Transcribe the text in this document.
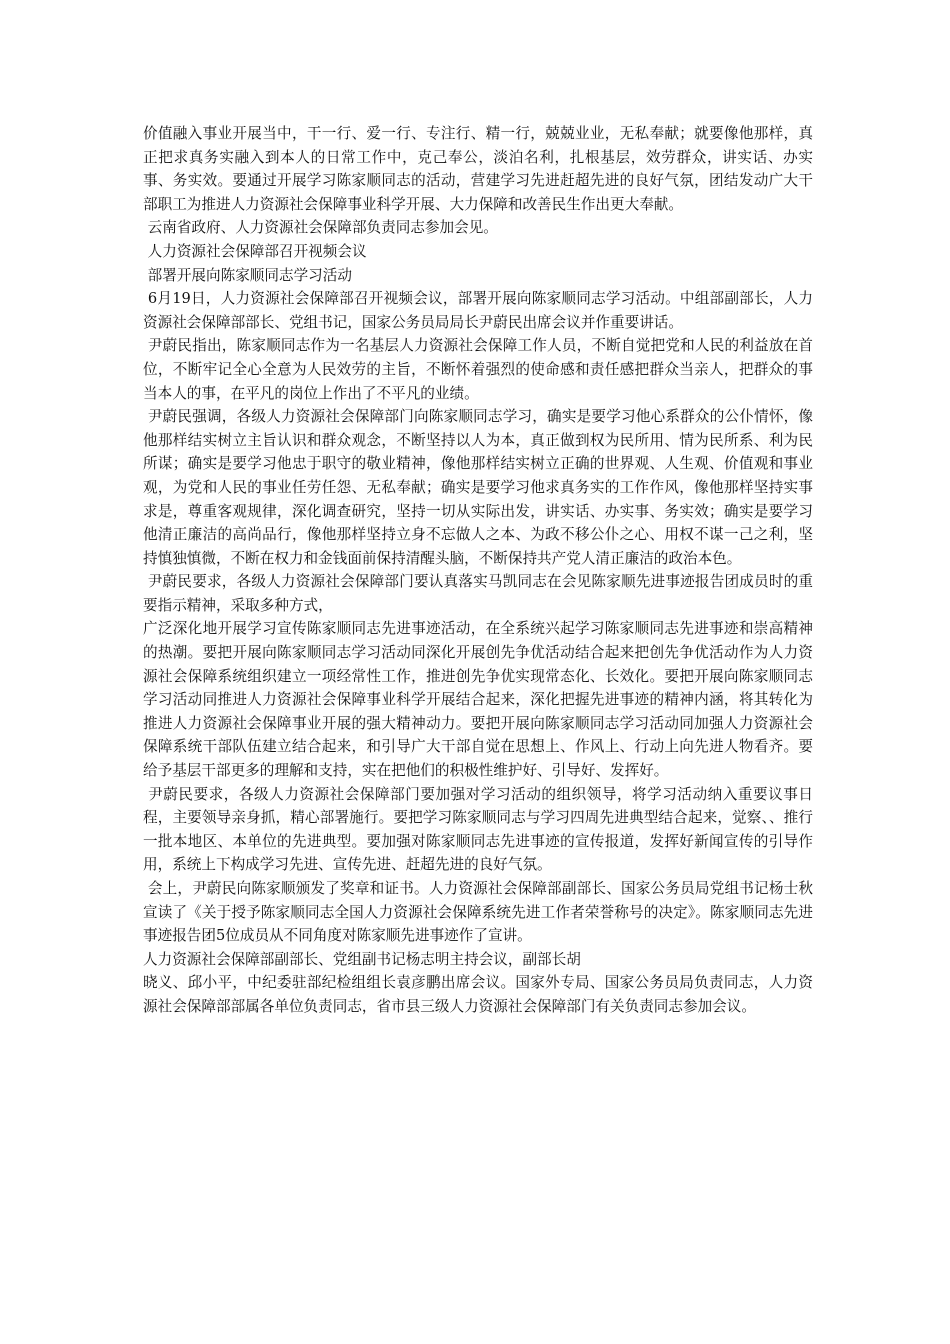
价值融入事业开展当中，干一行、爱一行、专注行、精一行，兢兢业业，无私奉献；就要像他那样，真正把求真务实融入到本人的日常工作中，克己奉公，淡泊名利，扎根基层，效劳群众，讲实话、办实事、务实效。要通过开展学习陈家顺同志的活动，营建学习先进赶超先进的良好气氛，团结发动广大干部职工为推进人力资源社会保障事业科学开展、大力保障和改善民生作出更大奉献。

云南省政府、人力资源社会保障部负责同志参加会见。

人力资源社会保障部召开视频会议

部署开展向陈家顺同志学习活动

6月19日，人力资源社会保障部召开视频会议，部署开展向陈家顺同志学习活动。中组部副部长，人力资源社会保障部部长、党组书记，国家公务员局局长尹蔚民出席会议并作重要讲话。

尹蔚民指出，陈家顺同志作为一名基层人力资源社会保障工作人员，不断自觉把党和人民的利益放在首位，不断牢记全心全意为人民效劳的主旨，不断怀着强烈的使命感和责任感把群众当亲人，把群众的事当本人的事，在平凡的岗位上作出了不平凡的业绩。

尹蔚民强调，各级人力资源社会保障部门向陈家顺同志学习，确实是要学习他心系群众的公仆情怀，像他那样结实树立主旨认识和群众观念，不断坚持以人为本，真正做到权为民所用、情为民所系、利为民所谋；确实是要学习他忠于职守的敬业精神，像他那样结实树立正确的世界观、人生观、价值观和事业观，为党和人民的事业任劳任怨、无私奉献；确实是要学习他求真务实的工作作风，像他那样坚持实事求是，尊重客观规律，深化调查研究，坚持一切从实际出发，讲实话、办实事、务实效；确实是要学习他清正廉洁的高尚品行，像他那样坚持立身不忘做人之本、为政不移公仆之心、用权不谋一己之利，坚持慎独慎微，不断在权力和金钱面前保持清醒头脑，不断保持共产党人清正廉洁的政治本色。

尹蔚民要求，各级人力资源社会保障部门要认真落实马凯同志在会见陈家顺先进事迹报告团成员时的重要指示精神，采取多种方式，

广泛深化地开展学习宣传陈家顺同志先进事迹活动，在全系统兴起学习陈家顺同志先进事迹和崇高精神的热潮。要把开展向陈家顺同志学习活动同深化开展创先争优活动结合起来把创先争优活动作为人力资源社会保障系统组织建立一项经常性工作，推进创先争优实现常态化、长效化。要把开展向陈家顺同志学习活动同推进人力资源社会保障事业科学开展结合起来，深化把握先进事迹的精神内涵，将其转化为推进人力资源社会保障事业开展的强大精神动力。要把开展向陈家顺同志学习活动同加强人力资源社会保障系统干部队伍建立结合起来，和引导广大干部自觉在思想上、作风上、行动上向先进人物看齐。要给予基层干部更多的理解和支持，实在把他们的积极性维护好、引导好、发挥好。

尹蔚民要求，各级人力资源社会保障部门要加强对学习活动的组织领导，将学习活动纳入重要议事日程，主要领导亲身抓，精心部署施行。要把学习陈家顺同志与学习四周先进典型结合起来，觉察、、推行一批本地区、本单位的先进典型。要加强对陈家顺同志先进事迹的宣传报道，发挥好新闻宣传的引导作用，系统上下构成学习先进、宣传先进、赶超先进的良好气氛。

会上，尹蔚民向陈家顺颁发了奖章和证书。人力资源社会保障部副部长、国家公务员局党组书记杨士秋宣读了《关于授予陈家顺同志全国人力资源社会保障系统先进工作者荣誉称号的决定》。陈家顺同志先进事迹报告团5位成员从不同角度对陈家顺先进事迹作了宣讲。

人力资源社会保障部副部长、党组副书记杨志明主持会议，副部长胡

晓义、邱小平，中纪委驻部纪检组组长袁彦鹏出席会议。国家外专局、国家公务员局负责同志，人力资源社会保障部部属各单位负责同志，省市县三级人力资源社会保障部门有关负责同志参加会议。
